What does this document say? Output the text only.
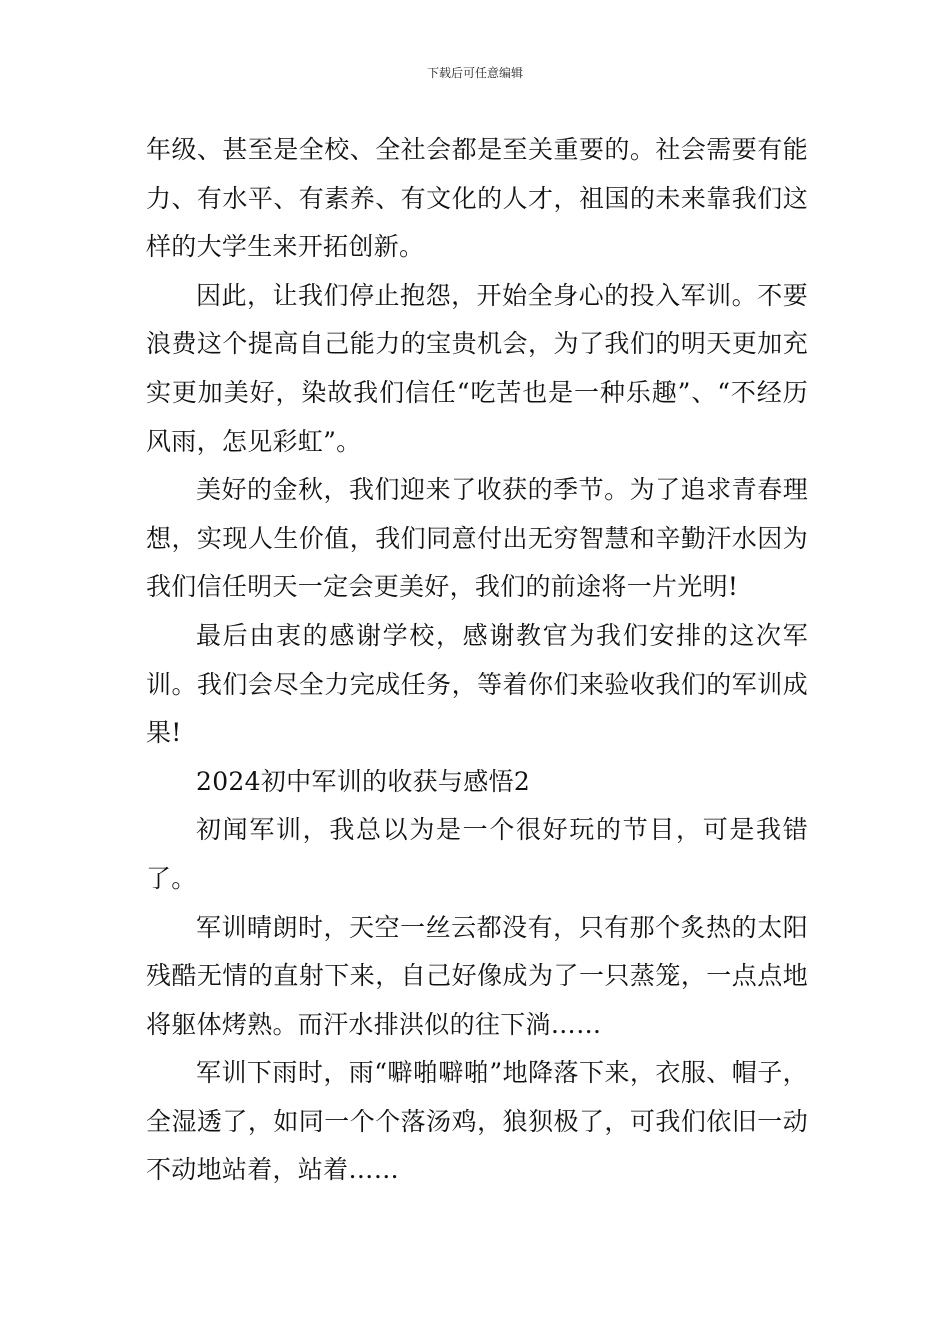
下载后可任意编辑

年级、甚至是全校、全社会都是至关重要的。社会需要有能力、有水平、有素养、有文化的人才，祖国的未来靠我们这样的大学生来开拓创新。

因此，让我们停止抱怨，开始全身心的投入军训。不要浪费这个提高自己能力的宝贵机会，为了我们的明天更加充实更加美好，染故我们信任“吃苦也是一种乐趣”、“不经历风雨，怎见彩虹”。

美好的金秋，我们迎来了收获的季节。为了追求青春理想，实现人生价值，我们同意付出无穷智慧和辛勤汗水因为我们信任明天一定会更美好，我们的前途将一片光明!

最后由衷的感谢学校，感谢教官为我们安排的这次军训。我们会尽全力完成任务，等着你们来验收我们的军训成果!

2024初中军训的收获与感悟2

初闻军训，我总以为是一个很好玩的节目，可是我错了。

军训晴朗时，天空一丝云都没有，只有那个炙热的太阳残酷无情的直射下来，自己好像成为了一只蒸笼，一点点地将躯体烤熟。而汗水排洪似的往下淌……

军训下雨时，雨“噼啪噼啪”地降落下来，衣服、帽子，全湿透了，如同一个个落汤鸡，狼狈极了，可我们依旧一动不动地站着，站着……
